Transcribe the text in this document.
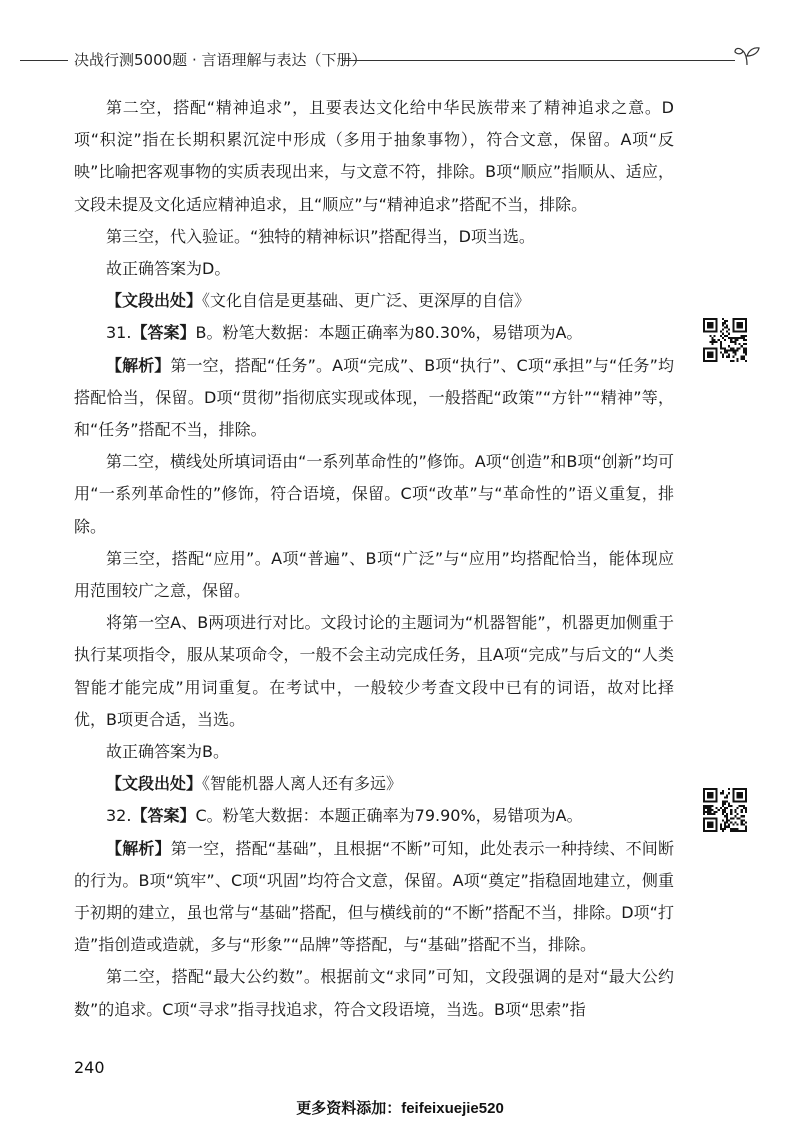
决战行测5000题 · 言语理解与表达（下册）

第二空，搭配“精神追求”，且要表达文化给中华民族带来了精神追求之意。D项“积淀”指在长期积累沉淀中形成（多用于抽象事物），符合文意，保留。A项“反映”比喻把客观事物的实质表现出来，与文意不符，排除。B项“顺应”指顺从、适应，文段未提及文化适应精神追求，且“顺应”与“精神追求”搭配不当，排除。

第三空，代入验证。“独特的精神标识”搭配得当，D项当选。

故正确答案为D。

【文段出处】《文化自信是更基础、更广泛、更深厚的自信》

31.【答案】B。粉笔大数据：本题正确率为80.30%，易错项为A。

【解析】第一空，搭配“任务”。A项“完成”、B项“执行”、C项“承担”与“任务”均搭配恰当，保留。D项“贯彻”指彻底实现或体现，一般搭配“政策”“方针”“精神”等，和“任务”搭配不当，排除。

第二空，横线处所填词语由“一系列革命性的”修饰。A项“创造”和B项“创新”均可用“一系列革命性的”修饰，符合语境，保留。C项“改革”与“革命性的”语义重复，排除。

第三空，搭配“应用”。A项“普遍”、B项“广泛”与“应用”均搭配恰当，能体现应用范围较广之意，保留。

将第一空A、B两项进行对比。文段讨论的主题词为“机器智能”，机器更加侧重于执行某项指令，服从某项命令，一般不会主动完成任务，且A项“完成”与后文的“人类智能才能完成”用词重复。在考试中，一般较少考查文段中已有的词语，故对比择优，B项更合适，当选。

故正确答案为B。

【文段出处】《智能机器人离人还有多远》

32.【答案】C。粉笔大数据：本题正确率为79.90%，易错项为A。

【解析】第一空，搭配“基础”，且根据“不断”可知，此处表示一种持续、不间断的行为。B项“筑牢”、C项“巩固”均符合文意，保留。A项“奠定”指稳固地建立，侧重于初期的建立，虽也常与“基础”搭配，但与横线前的“不断”搭配不当，排除。D项“打造”指创造或造就，多与“形象”“品牌”等搭配，与“基础”搭配不当，排除。

第二空，搭配“最大公约数”。根据前文“求同”可知，文段强调的是对“最大公约数”的追求。C项“寻求”指寻找追求，符合文段语境，当选。B项“思索”指

240
更多资料添加：feifeixuejie520
